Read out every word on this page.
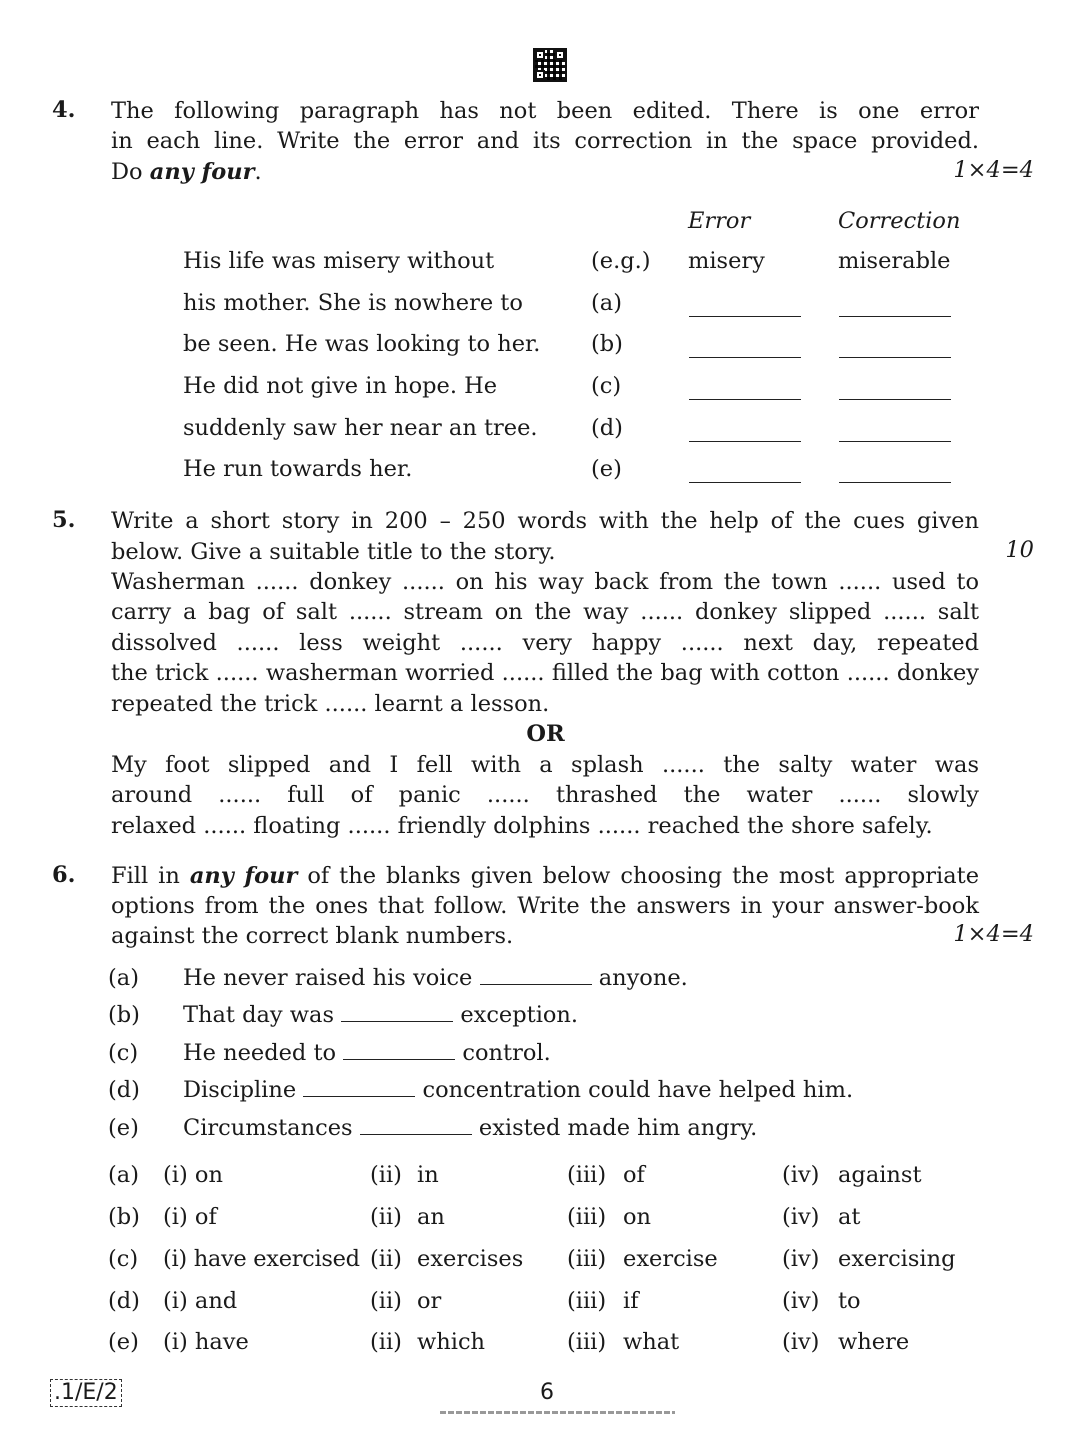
4. The following paragraph has not been edited. There is one error
in each line. Write the error and its correction in the space provided.
Do any four.	1×4=4
Error	Correction
His life was misery without	(e.g.) misery	miserable
his mother. She is nowhere to	(a)
be seen. He was looking to her. (b)
He did not give in hope. He	(c)
suddenly saw her near an tree. (d)
He run towards her.	(e)
5. Write a short story in 200 – 250 words with the help of the cues given
below. Give a suitable title to the story.	10
Washerman ...... donkey ...... on his way back from the town ...... used to
carry a bag of salt ...... stream on the way ...... donkey slipped ...... salt
dissolved ...... less weight ...... very happy ...... next day, repeated
the trick ...... washerman worried ...... filled the bag with cotton ...... donkey
repeated the trick ...... learnt a lesson.
OR
My foot slipped and I fell with a splash ...... the salty water was
around ...... full of panic ...... thrashed the water ...... slowly
relaxed ...... floating ...... friendly dolphins ...... reached the shore safely.
6. Fill in any four of the blanks given below choosing the most appropriate
options from the ones that follow. Write the answers in your answer-book
against the correct blank numbers.	1×4=4
(a) He never raised his voice	anyone.
(b) That day was	exception.
(c) He needed to	control.
(d) Discipline	concentration could have helped him.
(e) Circumstances	existed made him angry.
(a) (i) on	(ii) in	(iii) of	(iv) against
(b) (i) of	(ii) an	(iii) on	(iv) at
(c) (i) have exercised (ii) exercises (iii) exercise	(iv) exercising
(d) (i) and	(ii) or	(iii) if	(iv) to
(e) (i) have	(ii) which	(iii) what	(iv) where
.1/E/2	6
